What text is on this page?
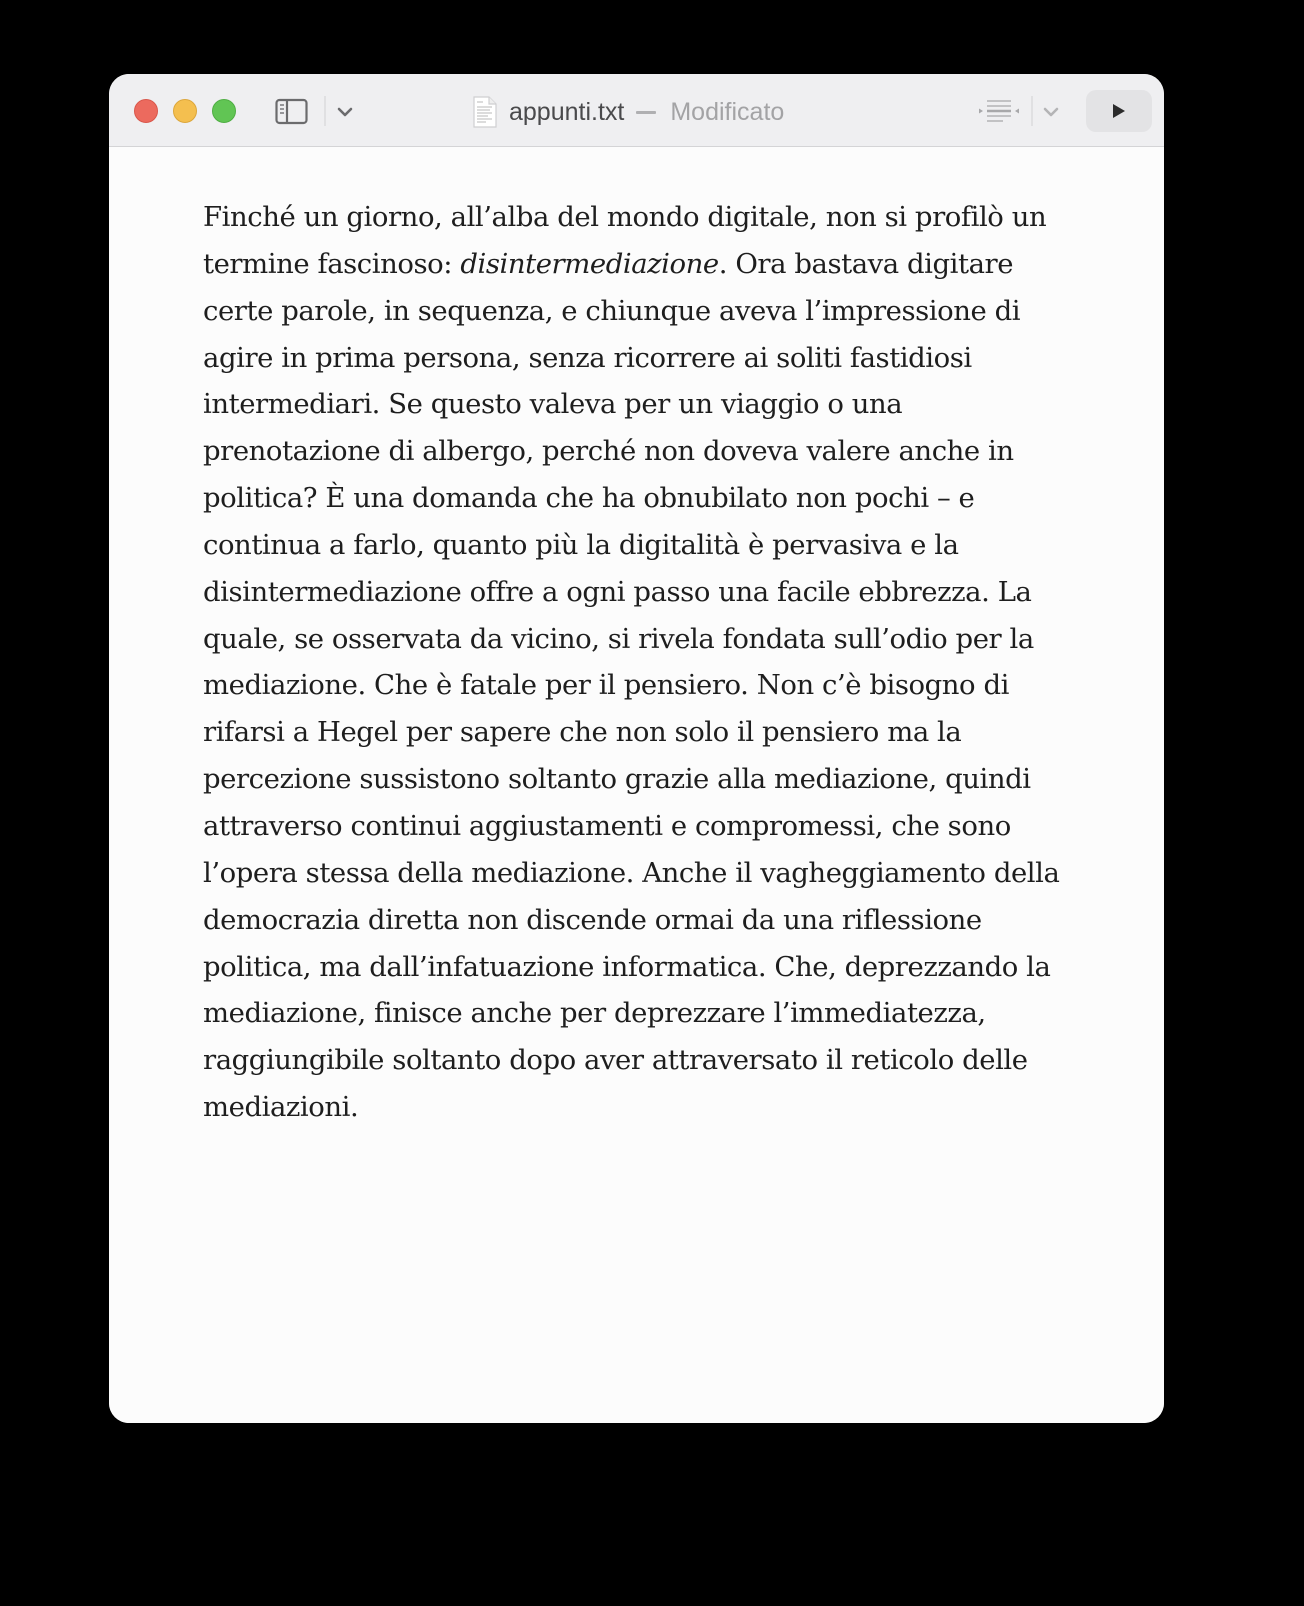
appunti.txt Modificato
Finché un giorno, all’alba del mondo digitale, non si profilò un
termine fascinoso: disintermediazione. Ora bastava digitare
certe parole, in sequenza, e chiunque aveva l’impressione di
agire in prima persona, senza ricorrere ai soliti fastidiosi
intermediari. Se questo valeva per un viaggio o una
prenotazione di albergo, perché non doveva valere anche in
politica? È una domanda che ha obnubilato non pochi – e
continua a farlo, quanto più la digitalità è pervasiva e la
disintermediazione offre a ogni passo una facile ebbrezza. La
quale, se osservata da vicino, si rivela fondata sull’odio per la
mediazione. Che è fatale per il pensiero. Non c’è bisogno di
rifarsi a Hegel per sapere che non solo il pensiero ma la
percezione sussistono soltanto grazie alla mediazione, quindi
attraverso continui aggiustamenti e compromessi, che sono
l’opera stessa della mediazione. Anche il vagheggiamento della
democrazia diretta non discende ormai da una riflessione
politica, ma dall’infatuazione informatica. Che, deprezzando la
mediazione, finisce anche per deprezzare l’immediatezza,
raggiungibile soltanto dopo aver attraversato il reticolo delle
mediazioni.
